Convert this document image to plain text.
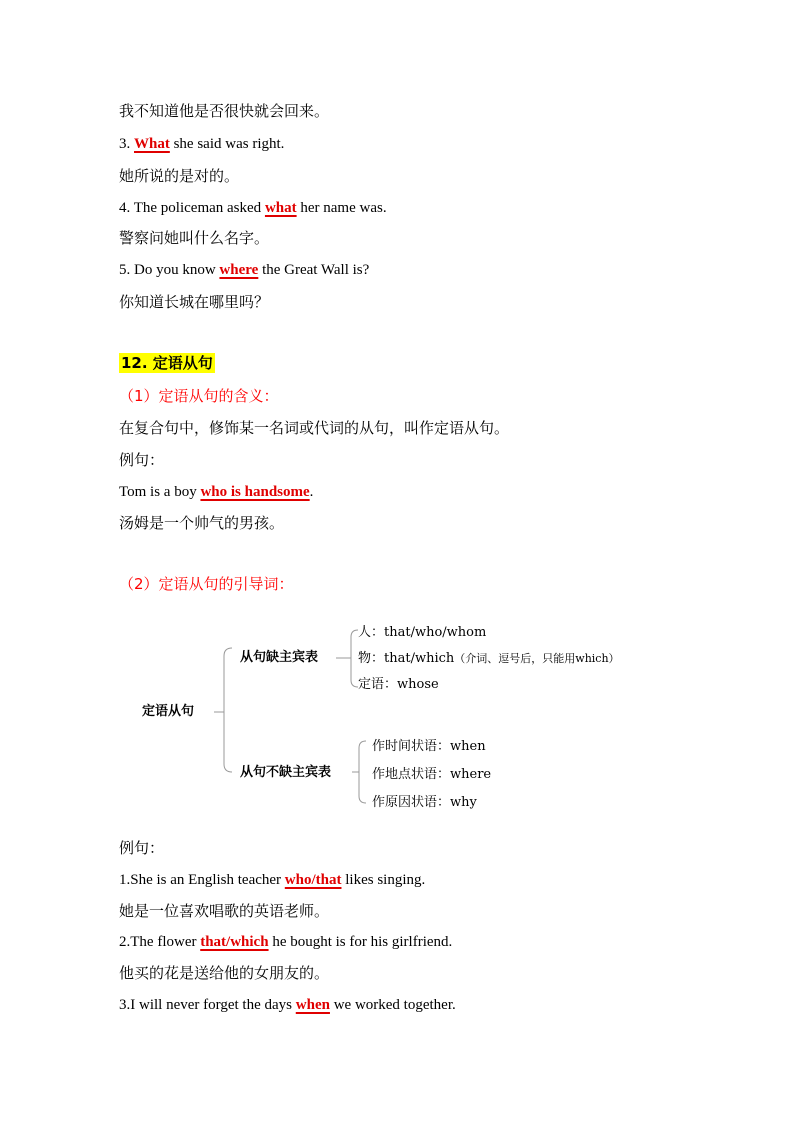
我不知道他是否很快就会回来。
3. What she said was right.
她所说的是对的。
4. The policeman asked what her name was.
警察问她叫什么名字。
5. Do you know where the Great Wall is?
你知道长城在哪里吗？
12. 定语从句
（1）定语从句的含义：
在复合句中，修饰某一名词或代词的从句，叫作定语从句。
例句：
Tom is a boy who is handsome.
汤姆是一个帅气的男孩。
（2）定语从句的引导词：
定语从句
从句缺主宾表
从句不缺主宾表
人：that/who/whom
物：that/which（介词、逗号后，只能用which）
定语：whose
作时间状语：when
作地点状语：where
作原因状语：why
例句：
1.She is an English teacher who/that likes singing.
她是一位喜欢唱歌的英语老师。
2.The flower that/which he bought is for his girlfriend.
他买的花是送给他的女朋友的。
3.I will never forget the days when we worked together.
